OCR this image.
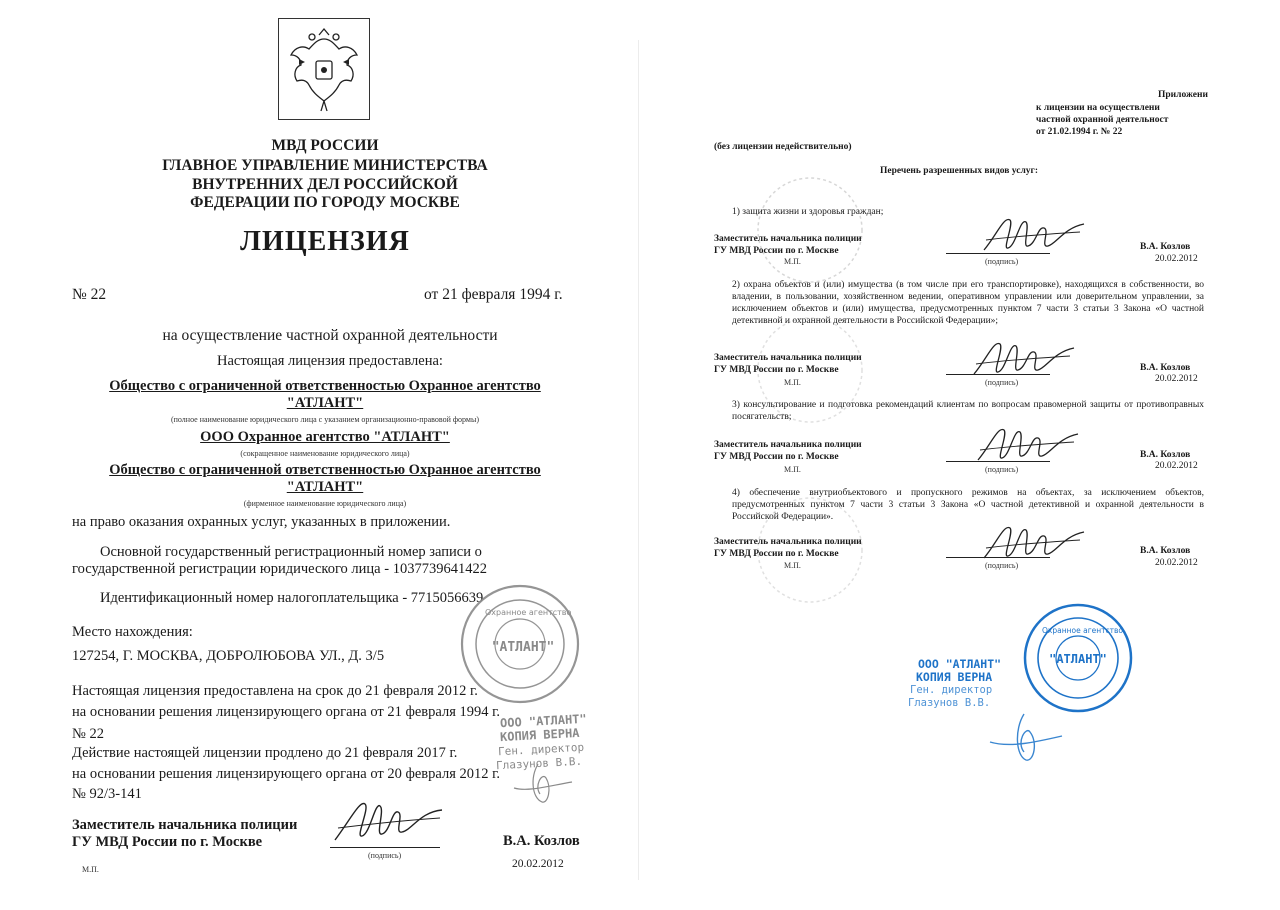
МВД РОССИИ
ГЛАВНОЕ УПРАВЛЕНИЕ МИНИСТЕРСТВА
ВНУТРЕННИХ ДЕЛ РОССИЙСКОЙ
ФЕДЕРАЦИИ ПО ГОРОДУ МОСКВЕ
ЛИЦЕНЗИЯ
№ 22	от 21 февраля 1994 г.
на осуществление частной охранной деятельности
Настоящая лицензия предоставлена:
Общество с ограниченной ответственностью Охранное агентство
"АТЛАНТ"
(полное наименование юридического лица с указанием организационно-правовой формы)
ООО Охранное агентство "АТЛАНТ"
(сокращенное наименование юридического лица)
Общество с ограниченной ответственностью Охранное агентство
"АТЛАНТ"
(фирменное наименование юридического лица)
на право оказания охранных услуг, указанных в приложении.
Основной государственный регистрационный номер записи о
государственной регистрации юридического лица - 1037739641422
Идентификационный номер налогоплательщика - 7715056639
Место нахождения:
127254, Г. МОСКВА, ДОБРОЛЮБОВА УЛ., Д. 3/5
Настоящая лицензия предоставлена на срок до 21 февраля 2012 г.
на основании решения лицензирующего органа от 21 февраля 1994 г.
№ 22
Действие настоящей лицензии продлено до 21 февраля 2017 г.
на основании решения лицензирующего органа от 20 февраля 2012 г.
№ 92/3-141
Заместитель начальника полиции
ГУ МВД России по г. Москве	В.А. Козлов
(подпись)
20.02.2012
М.П.
"АТЛАНТ"
Охранное агентство
ООО "АТЛАНТ"
КОПИЯ ВЕРНА
Ген. директор
Глазунов В.В.
Приложени
к лицензии на осуществлени
частной охранной деятельност
от 21.02.1994 г. № 22
(без лицензии недействительно)
Перечень разрешенных видов услуг:
1) защита жизни и здоровья граждан;
Заместитель начальника полиции
ГУ МВД России по г. Москве	В.А. Козлов
М.П.	(подпись)	20.02.2012
2) охрана объектов и (или) имущества (в том числе при его транспортировке), находящихся в собственности, во владении, в пользовании, хозяйственном ведении, оперативном управлении или доверительном управлении, за исключением объектов и (или) имущества, предусмотренных пунктом 7 части 3 статьи 3 Закона «О частной детективной и охранной деятельности в Российской Федерации»;
Заместитель начальника полиции
ГУ МВД России по г. Москве	В.А. Козлов
М.П.	(подпись)	20.02.2012
3) консультирование и подготовка рекомендаций клиентам по вопросам правомерной защиты от противоправных посягательств;
Заместитель начальника полиции
ГУ МВД России по г. Москве	В.А. Козлов
М.П.	(подпись)	20.02.2012
4) обеспечение внутриобъектового и пропускного режимов на объектах, за исключением объектов, предусмотренных пунктом 7 части 3 статьи 3 Закона «О частной детективной и охранной деятельности в Российской Федерации».
Заместитель начальника полиции
ГУ МВД России по г. Москве	В.А. Козлов
М.П.	(подпись)	20.02.2012
ООО "АТЛАНТ"
КОПИЯ ВЕРНА
Ген. директор
Глазунов В.В.
"АТЛАНТ"
Охранное агентство
